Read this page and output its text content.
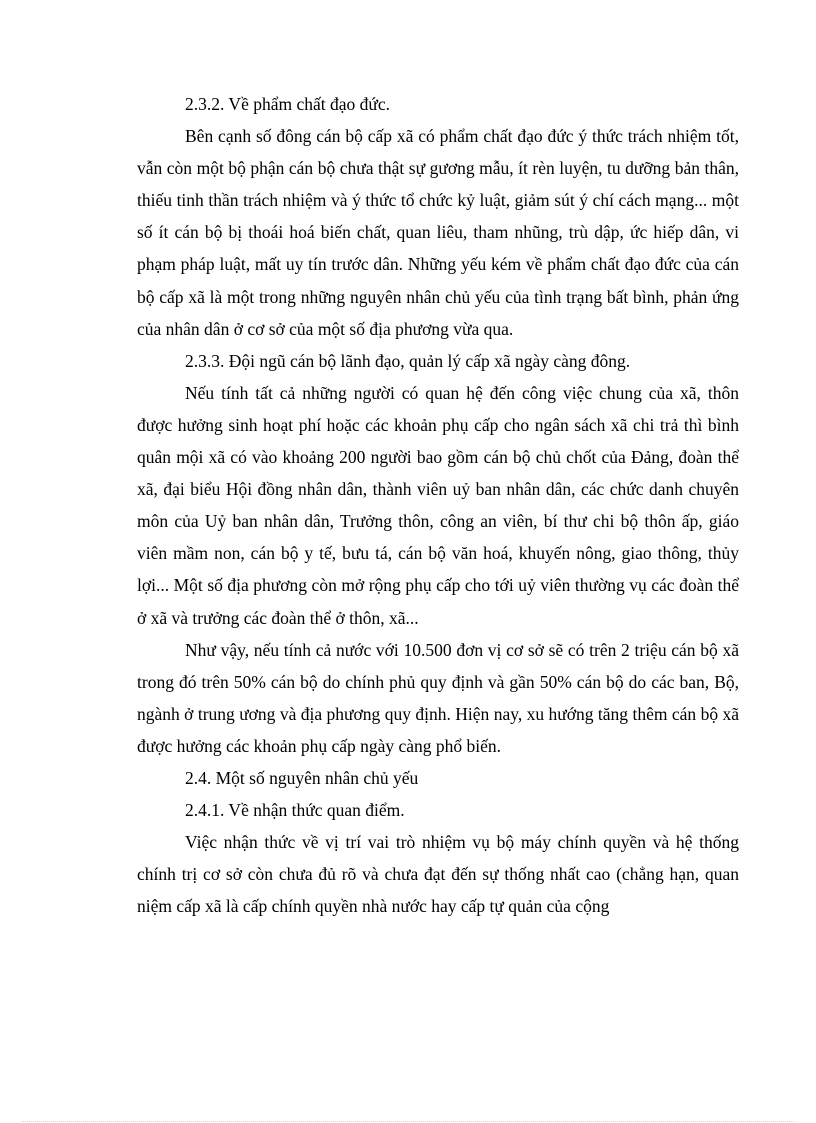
2.3.2. Về phẩm chất đạo đức.

Bên cạnh số đông cán bộ cấp xã có phẩm chất đạo đức ý thức trách nhiệm tốt, vẫn còn một bộ phận cán bộ chưa thật sự gương mẫu, ít rèn luyện, tu dưỡng bản thân, thiếu tinh thần trách nhiệm và ý thức tổ chức kỷ luật, giảm sút ý chí cách mạng... một số ít cán bộ bị thoái hoá biến chất, quan liêu, tham nhũng, trù dập, ức hiếp dân, vi phạm pháp luật, mất uy tín trước dân. Những yếu kém về phẩm chất đạo đức của cán bộ cấp xã là một trong những nguyên nhân chủ yếu của tình trạng bất bình, phản ứng của nhân dân ở cơ sở của một số địa phương vừa qua.

2.3.3. Đội ngũ cán bộ lãnh đạo, quản lý cấp xã ngày càng đông.

Nếu tính tất cả những người có quan hệ đến công việc chung của xã, thôn được hưởng sinh hoạt phí hoặc các khoản phụ cấp cho ngân sách xã chi trả thì bình quân mội xã có vào khoảng 200 người bao gồm cán bộ chủ chốt của Đảng, đoàn thể xã, đại biểu Hội đồng nhân dân, thành viên uỷ ban nhân dân, các chức danh chuyên môn của Uỷ ban nhân dân, Trưởng thôn, công an viên, bí thư chi bộ thôn ấp, giáo viên mầm non, cán bộ y tế, bưu tá, cán bộ văn hoá, khuyến nông, giao thông, thủy lợi... Một số địa phương còn mở rộng phụ cấp cho tới uỷ viên thường vụ các đoàn thể ở xã và trưởng các đoàn thể ở thôn, xã...

Như vậy, nếu tính cả nước với 10.500 đơn vị cơ sở sẽ có trên 2 triệu cán bộ xã trong đó trên 50% cán bộ do chính phủ quy định và gần 50% cán bộ do các ban, Bộ, ngành ở trung ương và địa phương quy định. Hiện nay, xu hướng tăng thêm cán bộ xã được hưởng các khoản phụ cấp ngày càng phổ biến.

2.4. Một số nguyên nhân chủ yếu

2.4.1. Về nhận thức quan điểm.

Việc nhận thức về vị trí vai trò nhiệm vụ bộ máy chính quyền và hệ thống chính trị cơ sở còn chưa đủ rõ và chưa đạt đến sự thống nhất cao (chẳng hạn, quan niệm cấp xã là cấp chính quyền nhà nước hay cấp tự quản của cộng
